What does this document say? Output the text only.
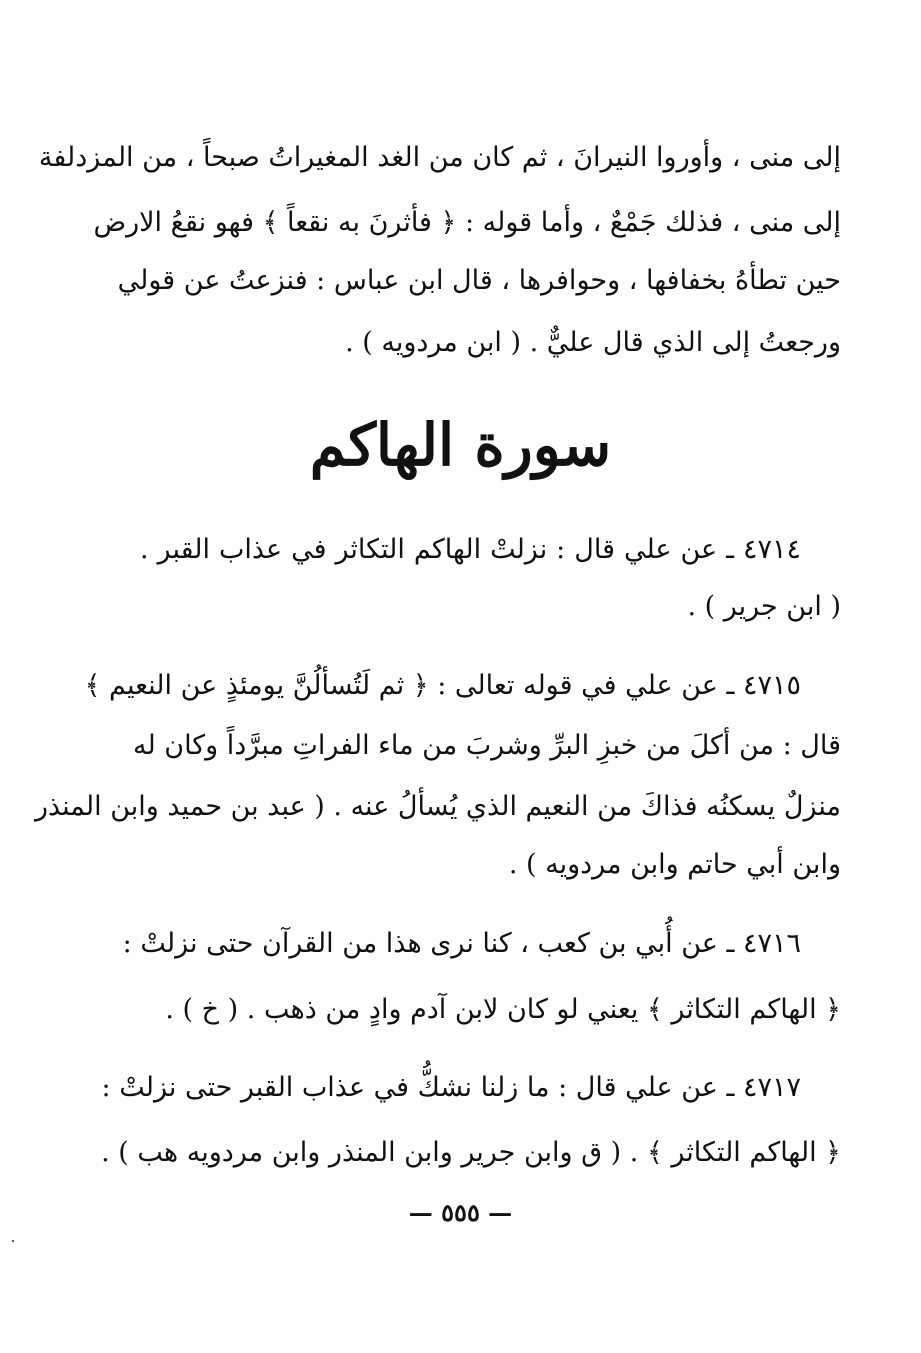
إلى منى ، وأوروا النيرانَ ، ثم كان من الغد المغيراتُ صبحاً ، من المزدلفة
إلى منى ، فذلك جَمْعٌ ، وأما قوله : ﴿ فأثرنَ به نقعاً ﴾ فهو نقعُ الارض
حين تطأهُ بخفافها ، وحوافرها ، قال ابن عباس : فنزعتُ عن قولي
ورجعتُ إلى الذي قال عليٌّ . ( ابن مردويه ) .
سورة الهاكم
٤٧١٤ ـ عن علي قال : نزلتْ الهاكم التكاثر في عذاب القبر .
( ابن جرير ) .
٤٧١٥ ـ عن علي في قوله تعالى : ﴿ ثم لَتُسألُنَّ يومئذٍ عن النعيم ﴾
قال : من أكلَ من خبزِ البرِّ وشربَ من ماء الفراتِ مبرَّداً وكان له
منزلٌ يسكنُه فذاكَ من النعيم الذي يُسألُ عنه . ( عبد بن حميد وابن المنذر
وابن أبي حاتم وابن مردويه ) .
٤٧١٦ ـ عن أُبي بن كعب ، كنا نرى هذا من القرآن حتى نزلتْ :
﴿ الهاكم التكاثر ﴾ يعني لو كان لابن آدم وادٍ من ذهب . ( خ ) .
٤٧١٧ ـ عن علي قال : ما زلنا نشكُّ في عذاب القبر حتى نزلتْ :
﴿ الهاكم التكاثر ﴾ . ( ق وابن جرير وابن المنذر وابن مردويه هب ) .
— ٥٥٥ —
